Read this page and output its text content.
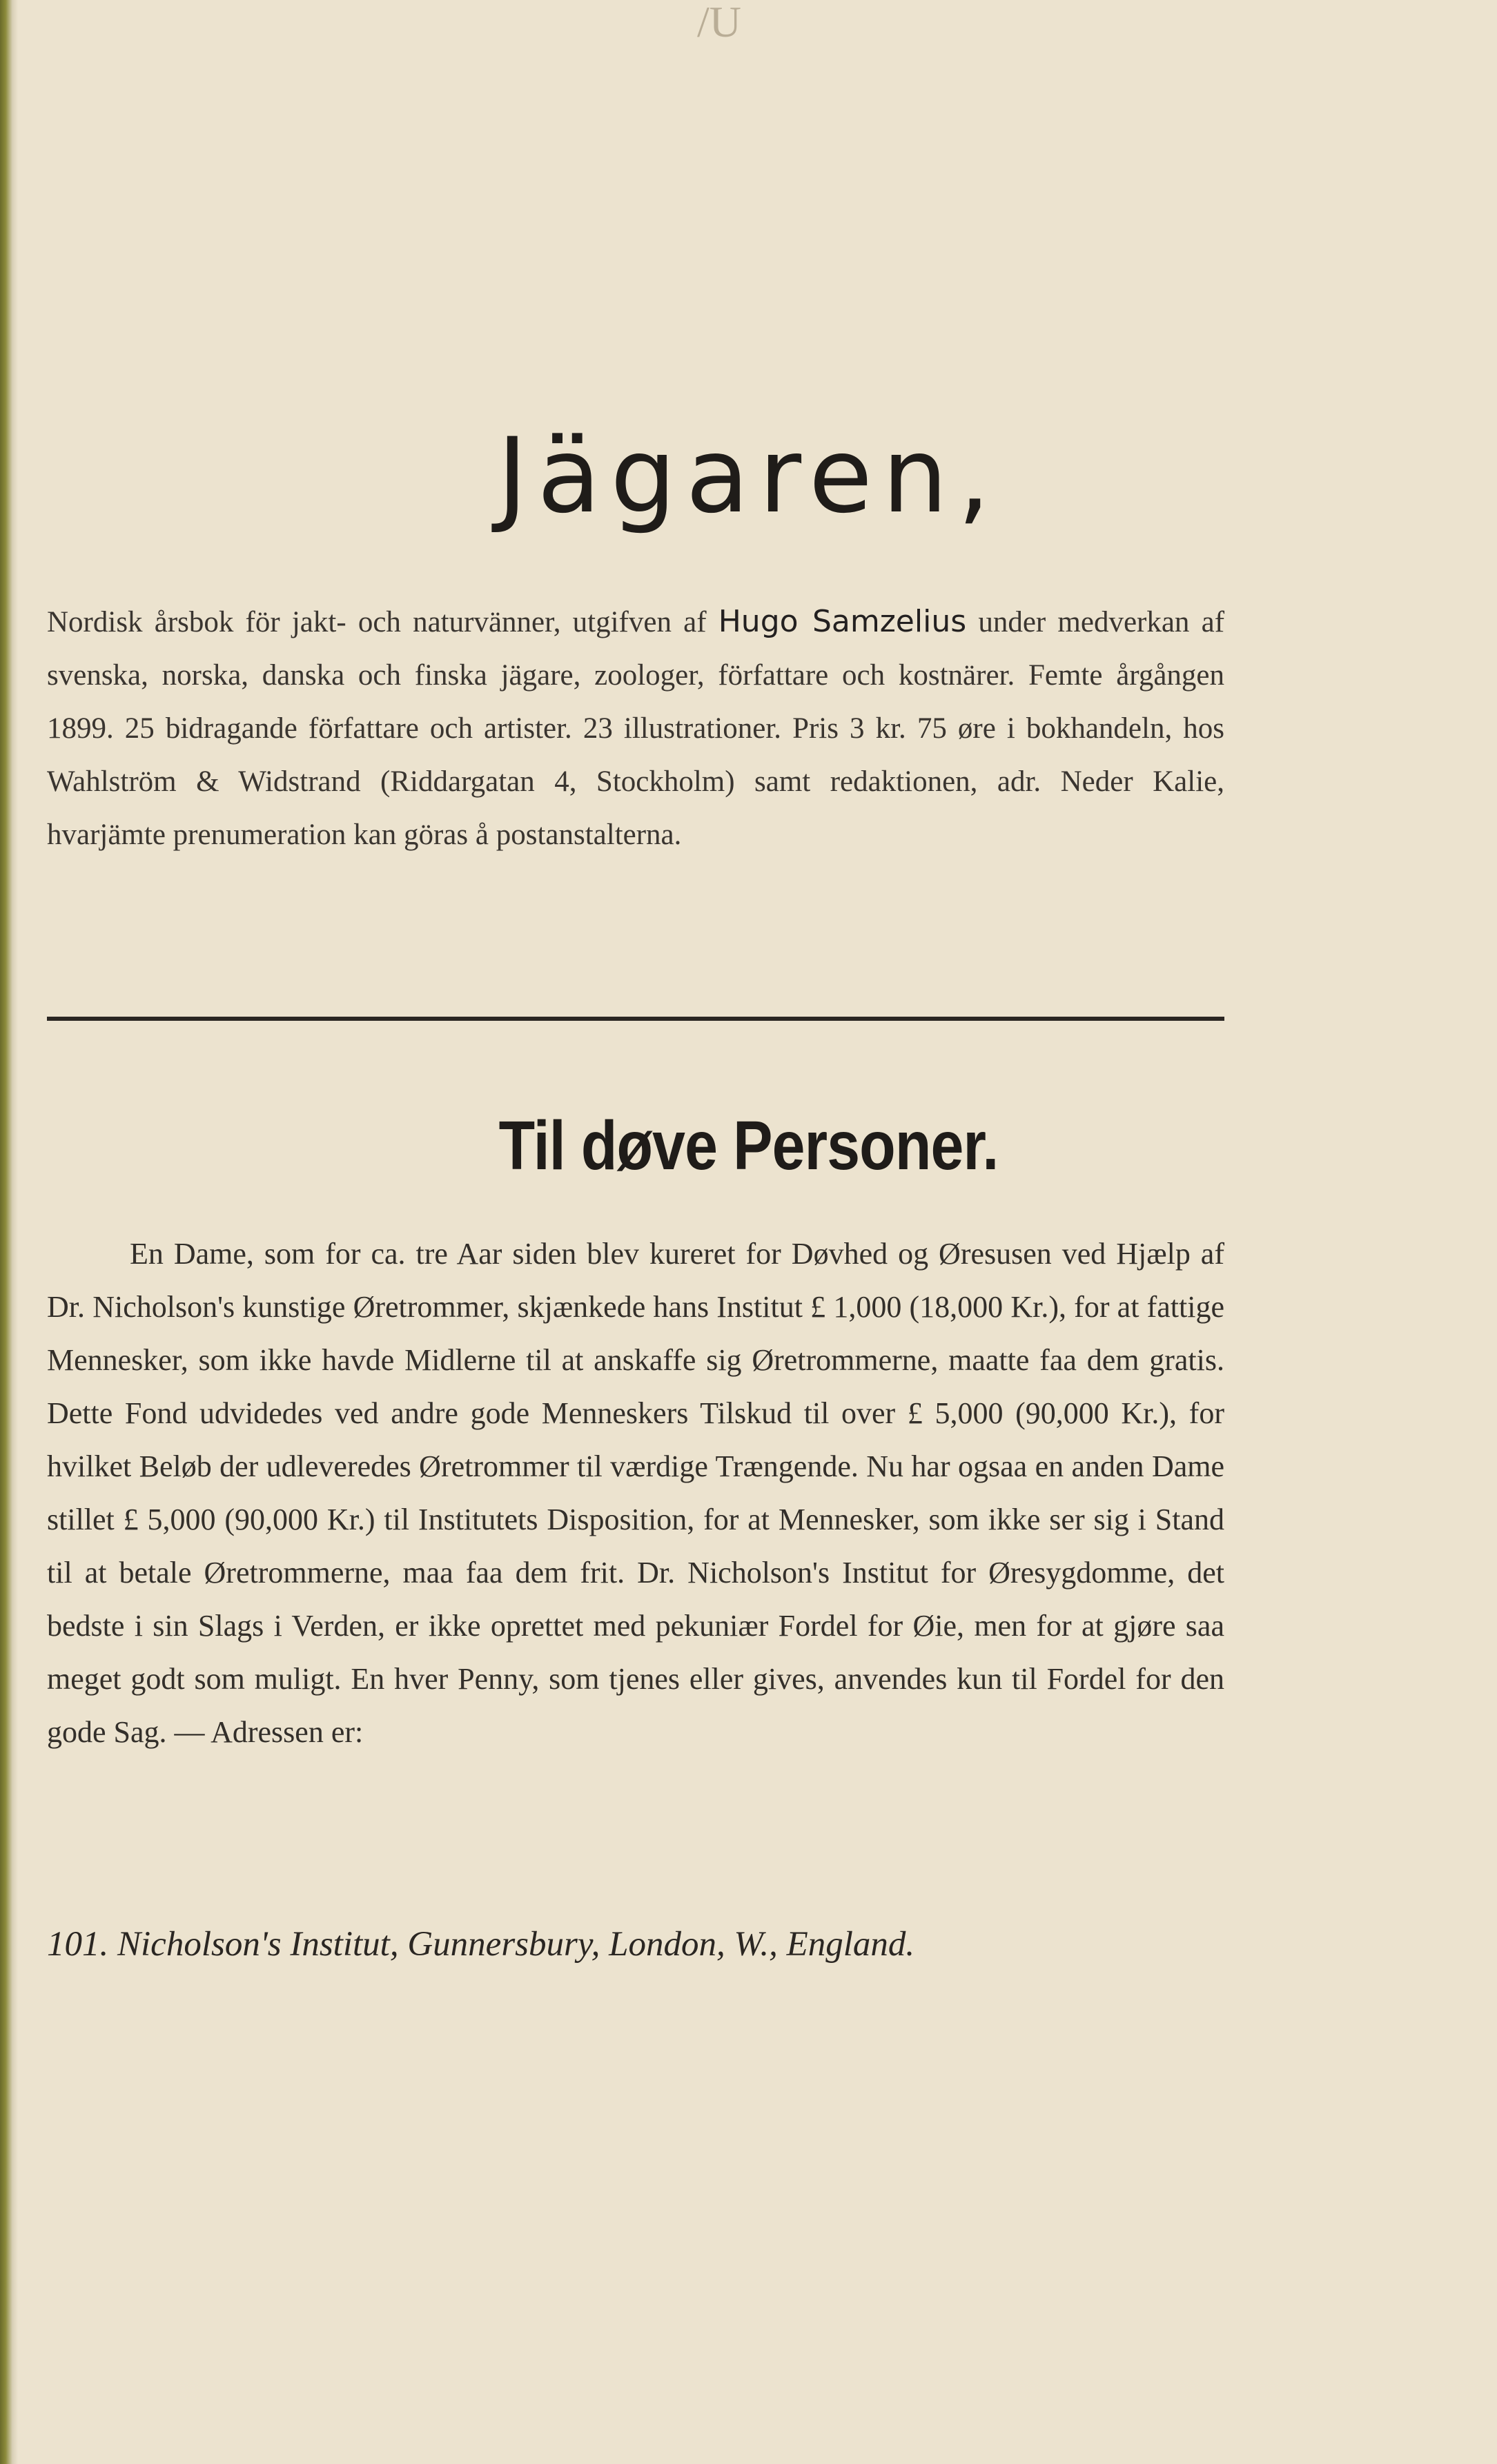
/U
Jägaren,

Nordisk årsbok för jakt- och naturvänner, utgifven af Hugo Samzelius under medverkan af svenska, norska, danska och finska jägare, zoologer, författare och kostnärer. Femte årgången 1899. 25 bidragande författare och artister. 23 illustrationer. Pris 3 kr. 75 øre i bokhandeln, hos Wahlström & Widstrand (Riddargatan 4, Stockholm) samt redaktionen, adr. Neder Kalie, hvarjämte prenumeration kan göras å postanstalterna.

Til døve Personer.

En Dame, som for ca. tre Aar siden blev kureret for Døvhed og Øresusen ved Hjælp af Dr. Nicholson's kunstige Øretrommer, skjænkede hans Institut £ 1,000 (18,000 Kr.), for at fattige Mennesker, som ikke havde Midlerne til at anskaffe sig Øretrommerne, maatte faa dem gratis. Dette Fond udvidedes ved andre gode Menneskers Tilskud til over £ 5,000 (90,000 Kr.), for hvilket Beløb der udleveredes Øretrommer til værdige Trængende. Nu har ogsaa en anden Dame stillet £ 5,000 (90,000 Kr.) til Institutets Disposition, for at Mennesker, som ikke ser sig i Stand til at betale Øretrommerne, maa faa dem frit. Dr. Nicholson's Institut for Øresygdomme, det bedste i sin Slags i Verden, er ikke oprettet med pekuniær Fordel for Øie, men for at gjøre saa meget godt som muligt. En hver Penny, som tjenes eller gives, anvendes kun til Fordel for den gode Sag. — Adressen er:

101. Nicholson's Institut, Gunnersbury, London, W., England.
